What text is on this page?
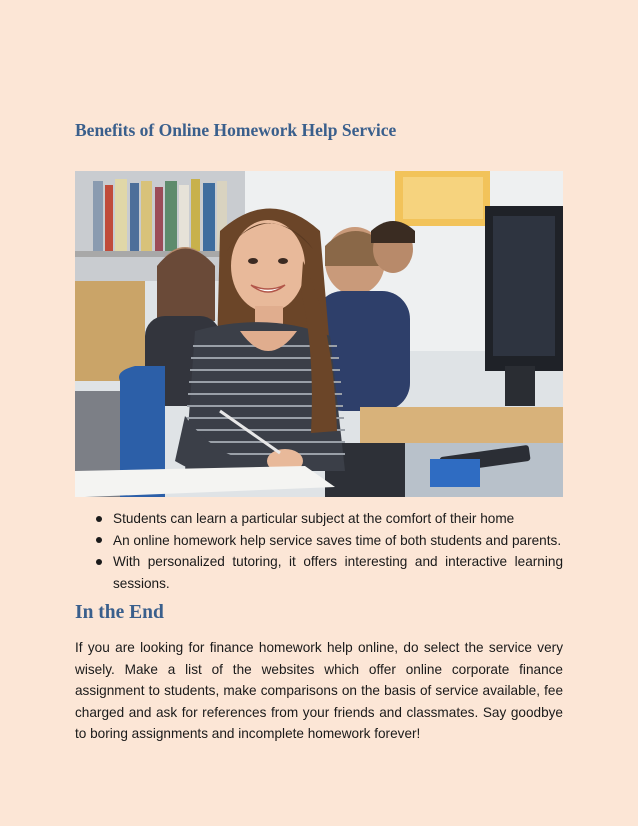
Benefits of Online Homework Help Service
Students can learn a particular subject at the comfort of their home
An online homework help service saves time of both students and parents.
With personalized tutoring, it offers interesting and interactive learning sessions.
In the End

If you are looking for finance homework help online, do select the service very wisely. Make a list of the websites which offer online corporate finance assignment to students, make comparisons on the basis of service available, fee charged and ask for references from your friends and classmates. Say goodbye to boring assignments and incomplete homework forever!
